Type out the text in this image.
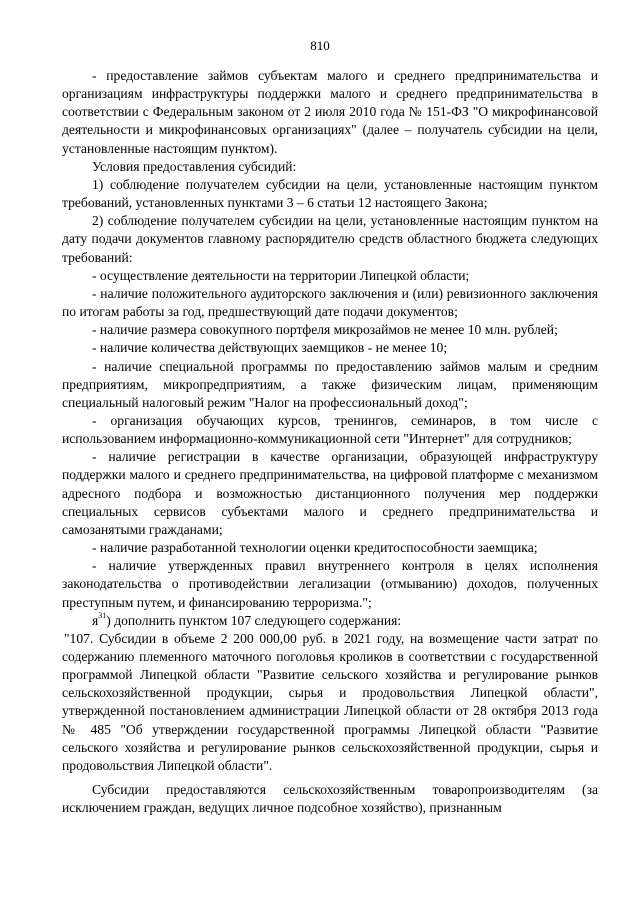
810

- предоставление займов субъектам малого и среднего предпринимательства и организациям инфраструктуры поддержки малого и среднего предпринимательства в соответствии с Федеральным законом от 2 июля 2010 года № 151-ФЗ "О микрофинансовой деятельности и микрофинансовых организациях" (далее – получатель субсидии на цели, установленные настоящим пунктом).

Условия предоставления субсидий:

1) соблюдение получателем субсидии на цели, установленные настоящим пунктом требований, установленных пунктами 3 – 6 статьи 12 настоящего Закона;

2) соблюдение получателем субсидии на цели, установленные настоящим пунктом на дату подачи документов главному распорядителю средств областного бюджета следующих требований:

- осуществление деятельности на территории Липецкой области;

- наличие положительного аудиторского заключения и (или) ревизионного заключения по итогам работы за год, предшествующий дате подачи документов;

- наличие размера совокупного портфеля микрозаймов не менее 10 млн. рублей;

- наличие количества действующих заемщиков - не менее 10;

- наличие специальной программы по предоставлению займов малым и средним предприятиям, микропредприятиям, а также физическим лицам, применяющим специальный налоговый режим "Налог на профессиональный доход";

- организация обучающих курсов, тренингов, семинаров, в том числе с использованием информационно-коммуникационной сети "Интернет" для сотрудников;

- наличие регистрации в качестве организации, образующей инфраструктуру поддержки малого и среднего предпринимательства, на цифровой платформе с механизмом адресного подбора и возможностью дистанционного получения мер поддержки специальных сервисов субъектами малого и среднего предпринимательства и самозанятыми гражданами;

- наличие разработанной технологии оценки кредитоспособности заемщика;

- наличие утвержденных правил внутреннего контроля в целях исполнения законодательства о противодействии легализации (отмыванию) доходов, полученных преступным путем, и финансированию терроризма.";

$я^{31}$) дополнить пунктом 107 следующего содержания:

"107. Субсидии в объеме 2 200 000,00 руб. в 2021 году, на возмещение части затрат по содержанию племенного маточного поголовья кроликов в соответствии с государственной программой Липецкой области "Развитие сельского хозяйства и регулирование рынков сельскохозяйственной продукции, сырья и продовольствия Липецкой области", утвержденной постановлением администрации Липецкой области от 28 октября 2013 года № 485 "Об утверждении государственной программы Липецкой области "Развитие сельского хозяйства и регулирование рынков сельскохозяйственной продукции, сырья и продовольствия Липецкой области".

Субсидии предоставляются сельскохозяйственным товаропроизводителям (за исключением граждан, ведущих личное подсобное хозяйство), признанным
